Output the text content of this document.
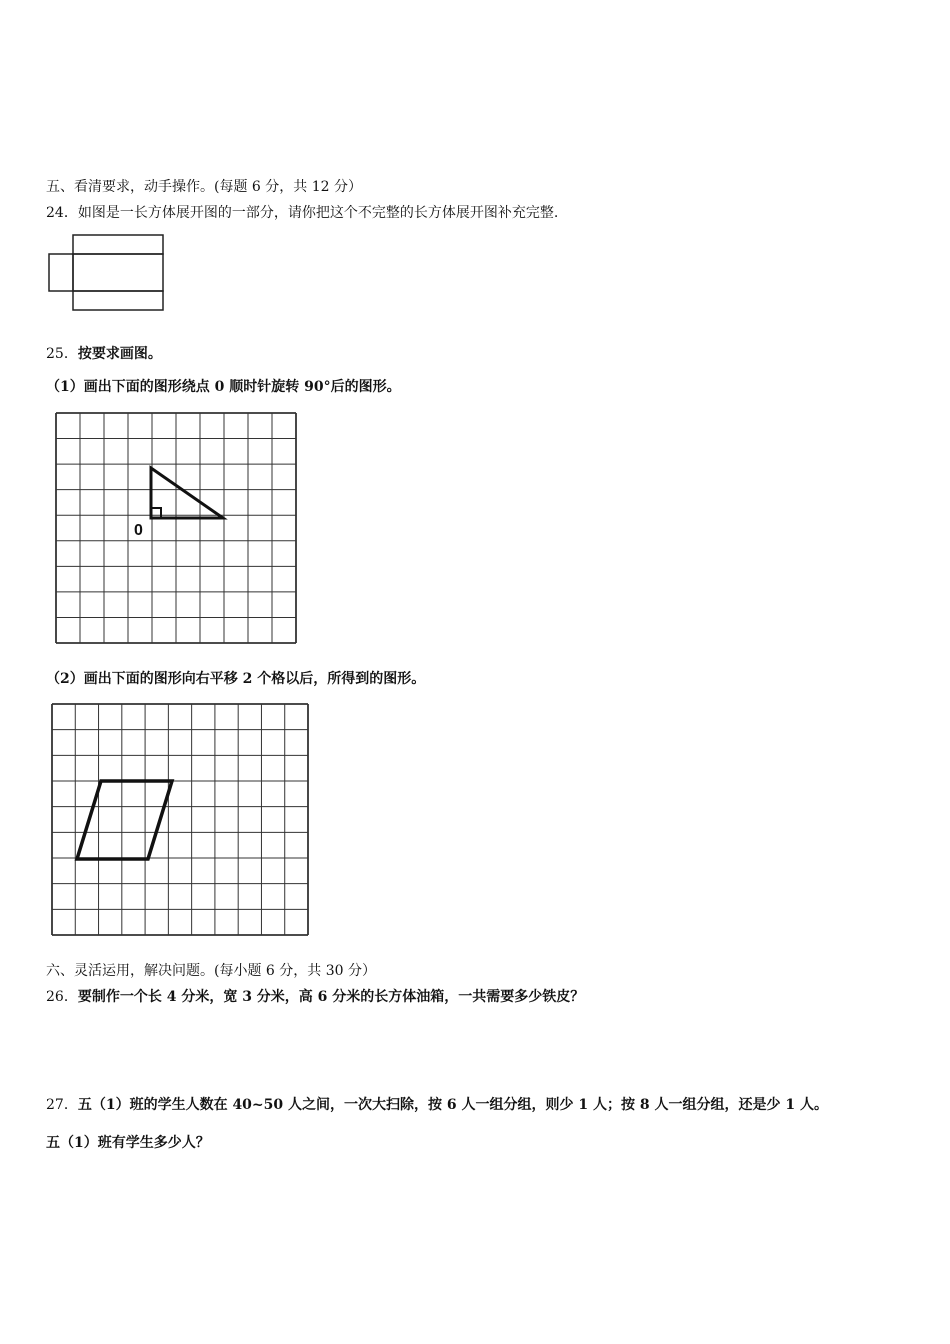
五、看清要求，动手操作。(每题 6 分，共 12 分）
24．如图是一长方体展开图的一部分，请你把这个不完整的长方体展开图补充完整.
25．按要求画图。
（1）画出下面的图形绕点 0 顺时针旋转 90°后的图形。
0
（2）画出下面的图形向右平移 2 个格以后，所得到的图形。
六、灵活运用，解决问题。(每小题 6 分，共 30 分）
26．要制作一个长 4 分米，宽 3 分米，高 6 分米的长方体油箱，一共需要多少铁皮？
27．五（1）班的学生人数在 40~50 人之间，一次大扫除，按 6 人一组分组，则少 1 人；按 8 人一组分组，还是少 1 人。
五（1）班有学生多少人？
